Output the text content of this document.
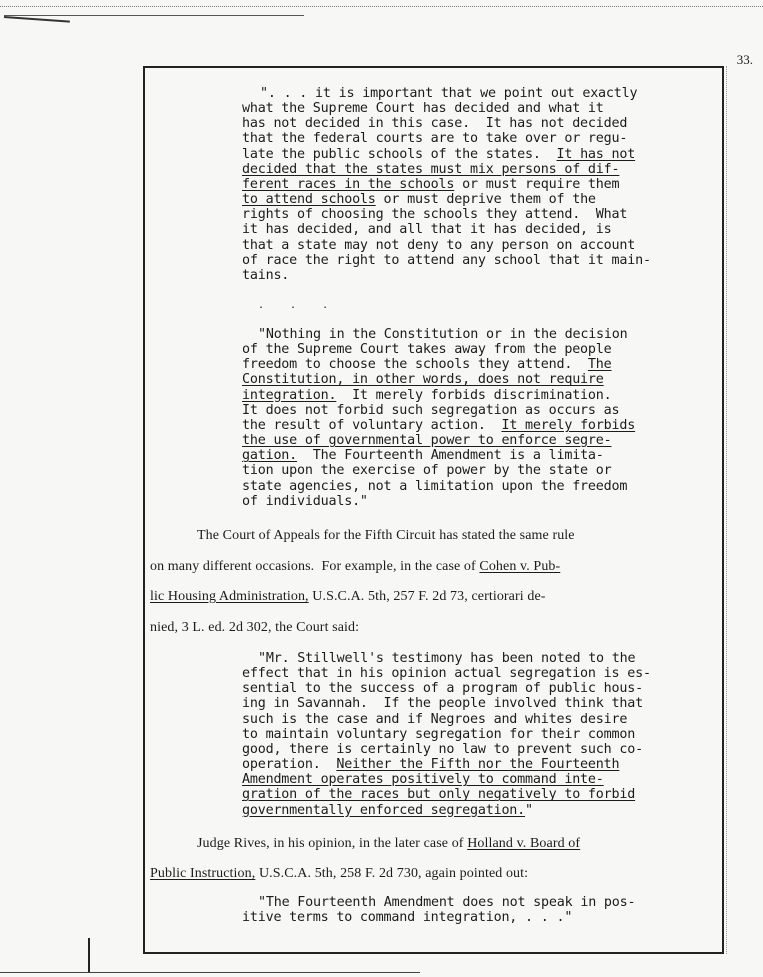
33.
". . . it is important that we point out exactly
what the Supreme Court has decided and what it
has not decided in this case.  It has not decided
that the federal courts are to take over or regu-
late the public schools of the states.  It has not
decided that the states must mix persons of dif-
ferent races in the schools or must require them
to attend schools or must deprive them of the
rights of choosing the schools they attend.  What
it has decided, and all that it has decided, is
that a state may not deny to any person on account
of race the right to attend any school that it main-
tains.
. . .
"Nothing in the Constitution or in the decision
of the Supreme Court takes away from the people
freedom to choose the schools they attend.  The
Constitution, in other words, does not require
integration.  It merely forbids discrimination.
It does not forbid such segregation as occurs as
the result of voluntary action.  It merely forbids
the use of governmental power to enforce segre-
gation.  The Fourteenth Amendment is a limita-
tion upon the exercise of power by the state or
state agencies, not a limitation upon the freedom
of individuals."
The Court of Appeals for the Fifth Circuit has stated the same rule
on many different occasions.  For example, in the case of Cohen v. Pub-
lic Housing Administration, U.S.C.A. 5th, 257 F. 2d 73, certiorari de-
nied, 3 L. ed. 2d 302, the Court said:
"Mr. Stillwell's testimony has been noted to the
effect that in his opinion actual segregation is es-
sential to the success of a program of public hous-
ing in Savannah.  If the people involved think that
such is the case and if Negroes and whites desire
to maintain voluntary segregation for their common
good, there is certainly no law to prevent such co-
operation.  Neither the Fifth nor the Fourteenth
Amendment operates positively to command inte-
gration of the races but only negatively to forbid
governmentally enforced segregation."
Judge Rives, in his opinion, in the later case of Holland v. Board of
Public Instruction, U.S.C.A. 5th, 258 F. 2d 730, again pointed out:
"The Fourteenth Amendment does not speak in pos-
itive terms to command integration, . . ."
